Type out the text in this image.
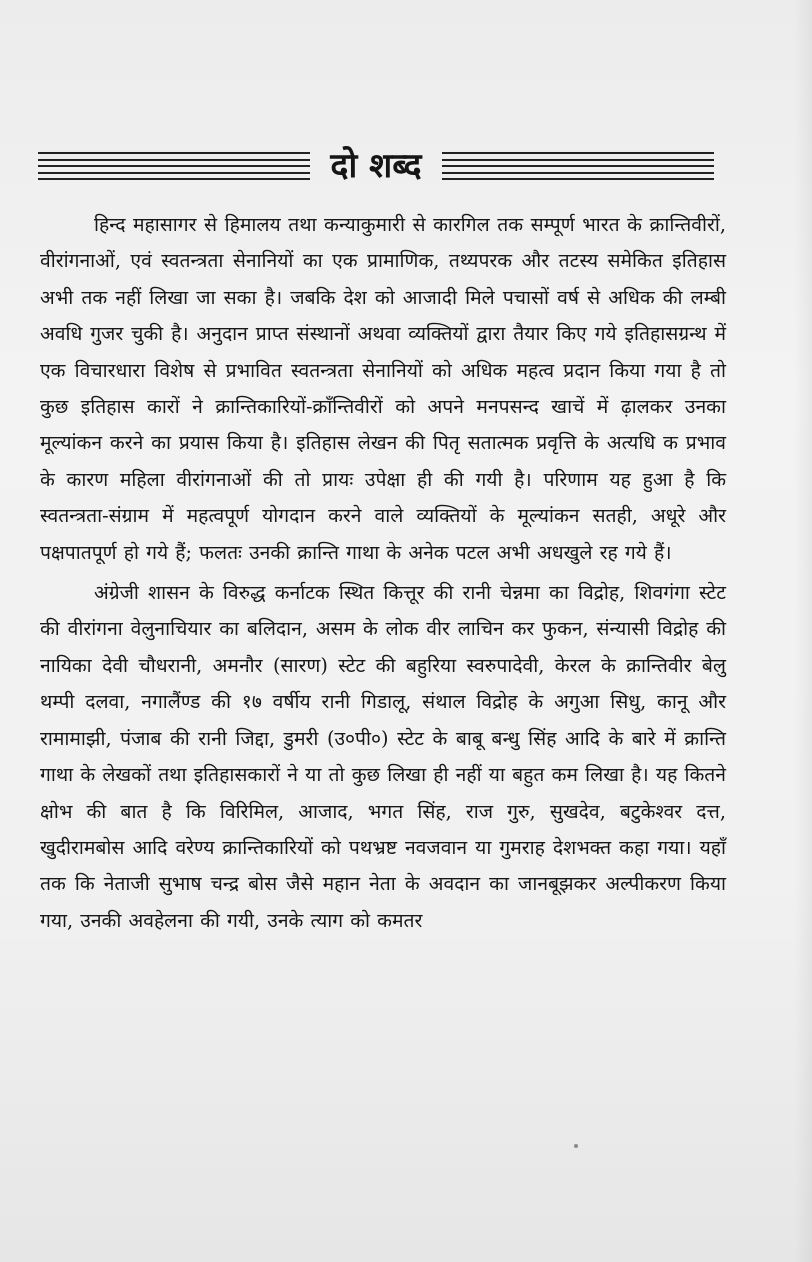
दो शब्द

हिन्द महासागर से हिमालय तथा कन्याकुमारी से कारगिल तक सम्पूर्ण भारत के क्रान्तिवीरों, वीरांगनाओं, एवं स्वतन्त्रता सेनानियों का एक प्रामाणिक, तथ्यपरक और तटस्य समेकित इतिहास अभी तक नहीं लिखा जा सका है। जबकि देश को आजादी मिले पचासों वर्ष से अधिक की लम्बी अवधि गुजर चुकी है। अनुदान प्राप्त संस्थानों अथवा व्यक्तियों द्वारा तैयार किए गये इतिहासग्रन्थ में एक विचारधारा विशेष से प्रभावित स्वतन्त्रता सेनानियों को अधिक महत्व प्रदान किया गया है तो कुछ इतिहास कारों ने क्रान्तिकारियों-क्राँन्तिवीरों को अपने मनपसन्द खाचें में ढ़ालकर उनका मूल्यांकन करने का प्रयास किया है। इतिहास लेखन की पितृ सतात्मक प्रवृत्ति के अत्यधि क प्रभाव के कारण महिला वीरांगनाओं की तो प्रायः उपेक्षा ही की गयी है। परिणाम यह हुआ है कि स्वतन्त्रता-संग्राम में महत्वपूर्ण योगदान करने वाले व्यक्तियों के मूल्यांकन सतही, अधूरे और पक्षपातपूर्ण हो गये हैं; फलतः उनकी क्रान्ति गाथा के अनेक पटल अभी अधखुले रह गये हैं।

अंग्रेजी शासन के विरुद्ध कर्नाटक स्थित कित्तूर की रानी चेन्नमा का विद्रोह, शिवगंगा स्टेट की वीरांगना वेलुनाचियार का बलिदान, असम के लोक वीर लाचिन कर फुकन, संन्यासी विद्रोह की नायिका देवी चौधरानी, अमनौर (सारण) स्टेट की बहुरिया स्वरुपादेवी, केरल के क्रान्तिवीर बेलु थम्पी दलवा, नगालैंण्ड की १७ वर्षीय रानी गिडालू, संथाल विद्रोह के अगुआ सिधु, कानू और रामामाझी, पंजाब की रानी जिद्दा, डुमरी (उ०पी०) स्टेट के बाबू बन्धु सिंह आदि के बारे में क्रान्ति गाथा के लेखकों तथा इतिहासकारों ने या तो कुछ लिखा ही नहीं या बहुत कम लिखा है। यह कितने क्षोभ की बात है कि विरिमिल, आजाद, भगत सिंह, राज गुरु, सुखदेव, बटुकेश्वर दत्त, खुदीरामबोस आदि वरेण्य क्रान्तिकारियों को पथभ्रष्ट नवजवान या गुमराह देशभक्त कहा गया। यहाँ तक कि नेताजी सुभाष चन्द्र बोस जैसे महान नेता के अवदान का जानबूझकर अल्पीकरण किया गया, उनकी अवहेलना की गयी, उनके त्याग को कमतर
